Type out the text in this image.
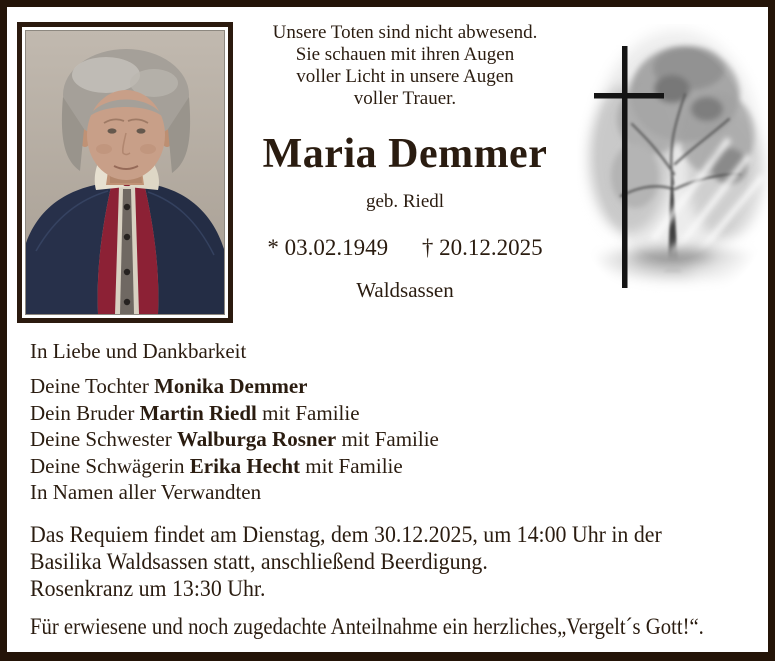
Unsere Toten sind nicht abwesend.
Sie schauen mit ihren Augen
voller Licht in unsere Augen
voller Trauer.
Maria Demmer
geb. Riedl
* 03.02.1949 † 20.12.2025
Waldsassen
In Liebe und Dankbarkeit
Deine Tochter Monika Demmer
Dein Bruder Martin Riedl mit Familie
Deine Schwester Walburga Rosner mit Familie
Deine Schwägerin Erika Hecht mit Familie
In Namen aller Verwandten
Das Requiem findet am Dienstag, dem 30.12.2025, um 14:00 Uhr in der
Basilika Waldsassen statt, anschließend Beerdigung.
Rosenkranz um 13:30 Uhr.
Für erwiesene und noch zugedachte Anteilnahme ein herzliches„Vergelt´s Gott!“.
